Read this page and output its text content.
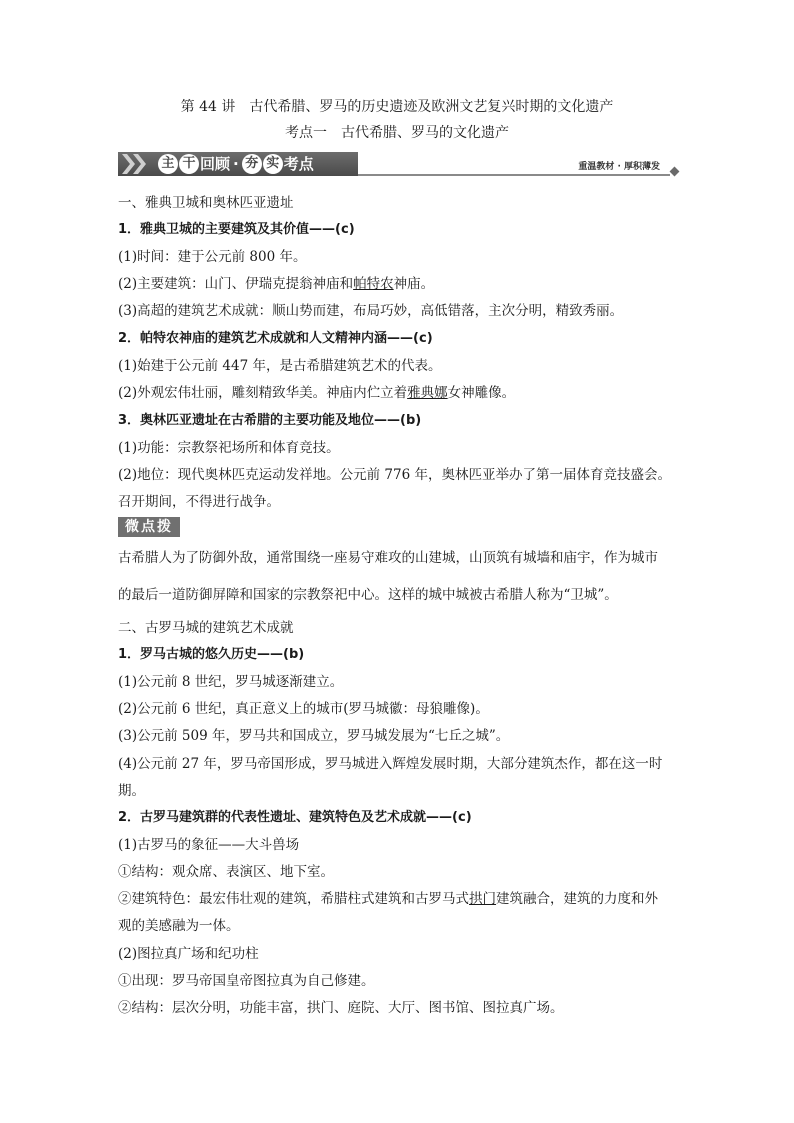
第 44 讲　古代希腊、罗马的历史遗迹及欧洲文艺复兴时期的文化遗产
考点一　古代希腊、罗马的文化遗产
主 干 回顾 · 夯 实 考点	重温教材 · 厚积薄发
一、雅典卫城和奥林匹亚遗址
1．雅典卫城的主要建筑及其价值——(c)
(1)时间：建于公元前 800 年。
(2)主要建筑：山门、伊瑞克提翁神庙和帕特农神庙。
(3)高超的建筑艺术成就：顺山势而建，布局巧妙，高低错落，主次分明，精致秀丽。
2．帕特农神庙的建筑艺术成就和人文精神内涵——(c)
(1)始建于公元前 447 年，是古希腊建筑艺术的代表。
(2)外观宏伟壮丽，雕刻精致华美。神庙内伫立着雅典娜女神雕像。
3．奥林匹亚遗址在古希腊的主要功能及地位——(b)
(1)功能：宗教祭祀场所和体育竞技。
(2)地位：现代奥林匹克运动发祥地。公元前 776 年，奥林匹亚举办了第一届体育竞技盛会。
召开期间，不得进行战争。
微点拨
古希腊人为了防御外敌，通常围绕一座易守难攻的山建城，山顶筑有城墙和庙宇，作为城市
的最后一道防御屏障和国家的宗教祭祀中心。这样的城中城被古希腊人称为“卫城”。
二、古罗马城的建筑艺术成就
1．罗马古城的悠久历史——(b)
(1)公元前 8 世纪，罗马城逐渐建立。
(2)公元前 6 世纪，真正意义上的城市(罗马城徽：母狼雕像)。
(3)公元前 509 年，罗马共和国成立，罗马城发展为“七丘之城”。
(4)公元前 27 年，罗马帝国形成，罗马城进入辉煌发展时期，大部分建筑杰作，都在这一时
期。
2．古罗马建筑群的代表性遗址、建筑特色及艺术成就——(c)
(1)古罗马的象征——大斗兽场
①结构：观众席、表演区、地下室。
②建筑特色：最宏伟壮观的建筑，希腊柱式建筑和古罗马式拱门建筑融合，建筑的力度和外
观的美感融为一体。
(2)图拉真广场和纪功柱
①出现：罗马帝国皇帝图拉真为自己修建。
②结构：层次分明，功能丰富，拱门、庭院、大厅、图书馆、图拉真广场。
